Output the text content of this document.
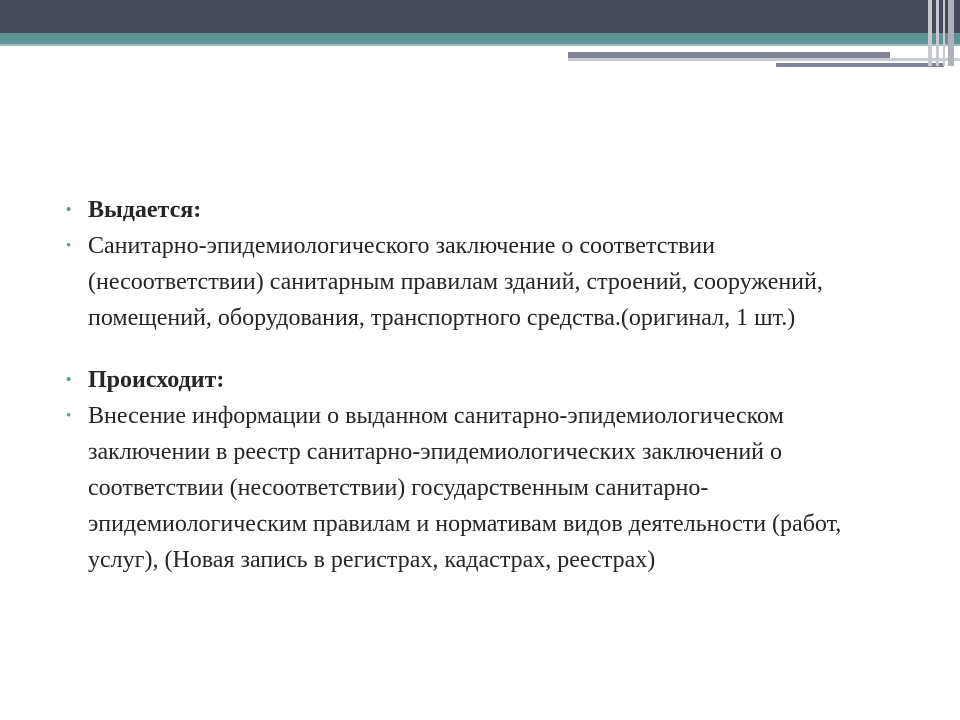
• Выдается:
• Санитарно-эпидемиологического заключение о соответствии (несоответствии) санитарным правилам зданий, строений, сооружений, помещений, оборудования, транспортного средства.(оригинал, 1 шт.)
• Происходит:
• Внесение информации о выданном санитарно-эпидемиологическом заключении в реестр санитарно-эпидемиологических заключений о соответствии (несоответствии) государственным санитарно-эпидемиологическим правилам и нормативам видов деятельности (работ, услуг), (Новая запись в регистрах, кадастрах, реестрах)
